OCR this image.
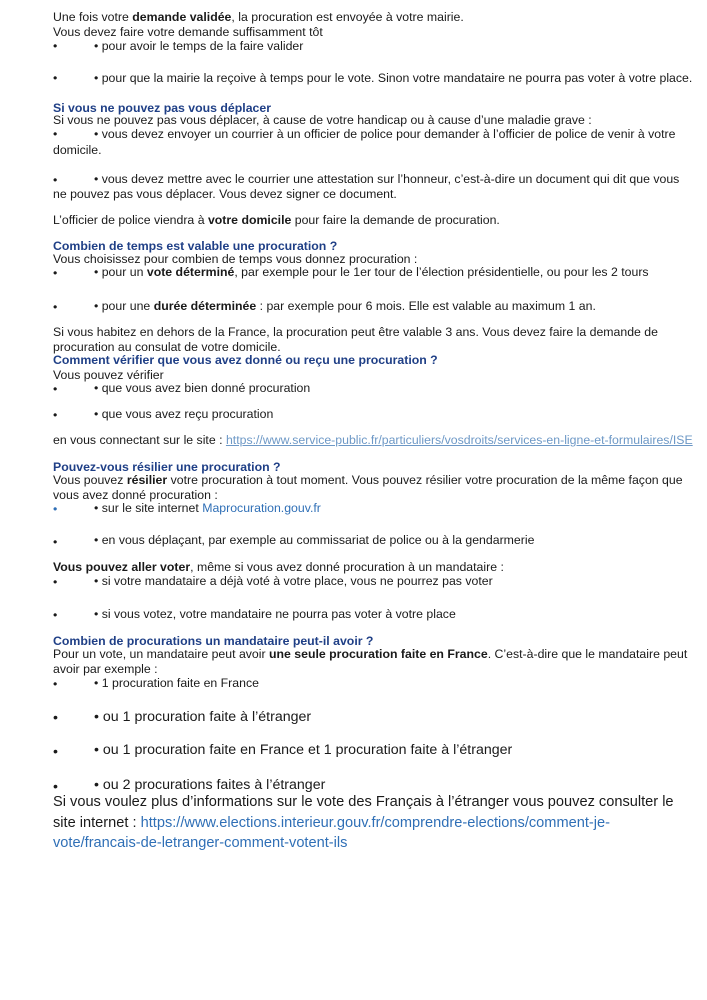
Une fois votre demande validée, la procuration est envoyée à votre mairie.
Vous devez faire votre demande suffisamment tôt
•	• pour avoir le temps de la faire valider
•	• pour que la mairie la reçoive à temps pour le vote. Sinon votre mandataire ne pourra pas voter à votre place.
Si vous ne pouvez pas vous déplacer
Si vous ne pouvez pas vous déplacer, à cause de votre handicap ou à cause d’une maladie grave :
•	• vous devez envoyer un courrier à un officier de police pour demander à l’officier de police de venir à votre
domicile.
•	• vous devez mettre avec le courrier une attestation sur l’honneur, c’est-à-dire un document qui dit que vous
ne pouvez pas vous déplacer. Vous devez signer ce document.
L’officier de police viendra à votre domicile pour faire la demande de procuration.
Combien de temps est valable une procuration ?
Vous choisissez pour combien de temps vous donnez procuration :
•	• pour un vote déterminé, par exemple pour le 1er tour de l’élection présidentielle, ou pour les 2 tours
•	• pour une durée déterminée : par exemple pour 6 mois. Elle est valable au maximum 1 an.
Si vous habitez en dehors de la France, la procuration peut être valable 3 ans. Vous devez faire la demande de
procuration au consulat de votre domicile.
Comment vérifier que vous avez donné ou reçu une procuration ?
Vous pouvez vérifier
•	• que vous avez bien donné procuration
•	• que vous avez reçu procuration
en vous connectant sur le site : https://www.service-public.fr/particuliers/vosdroits/services-en-ligne-et-formulaires/ISE
Pouvez-vous résilier une procuration ?
Vous pouvez résilier votre procuration à tout moment. Vous pouvez résilier votre procuration de la même façon que
vous avez donné procuration :
•	• sur le site internet Maprocuration.gouv.fr
•	• en vous déplaçant, par exemple au commissariat de police ou à la gendarmerie
Vous pouvez aller voter, même si vous avez donné procuration à un mandataire :
•	• si votre mandataire a déjà voté à votre place, vous ne pourrez pas voter
•	• si vous votez, votre mandataire ne pourra pas voter à votre place
Combien de procurations un mandataire peut-il avoir ?
Pour un vote, un mandataire peut avoir une seule procuration faite en France. C’est-à-dire que le mandataire peut
avoir par exemple :
•	• 1 procuration faite en France
•	• ou 1 procuration faite à l’étranger
•	• ou 1 procuration faite en France et 1 procuration faite à l’étranger
•	• ou 2 procurations faites à l’étranger
Si vous voulez plus d’informations sur le vote des Français à l’étranger vous pouvez consulter le
site internet : https://www.elections.interieur.gouv.fr/comprendre-elections/comment-je-
vote/francais-de-letranger-comment-votent-ils
